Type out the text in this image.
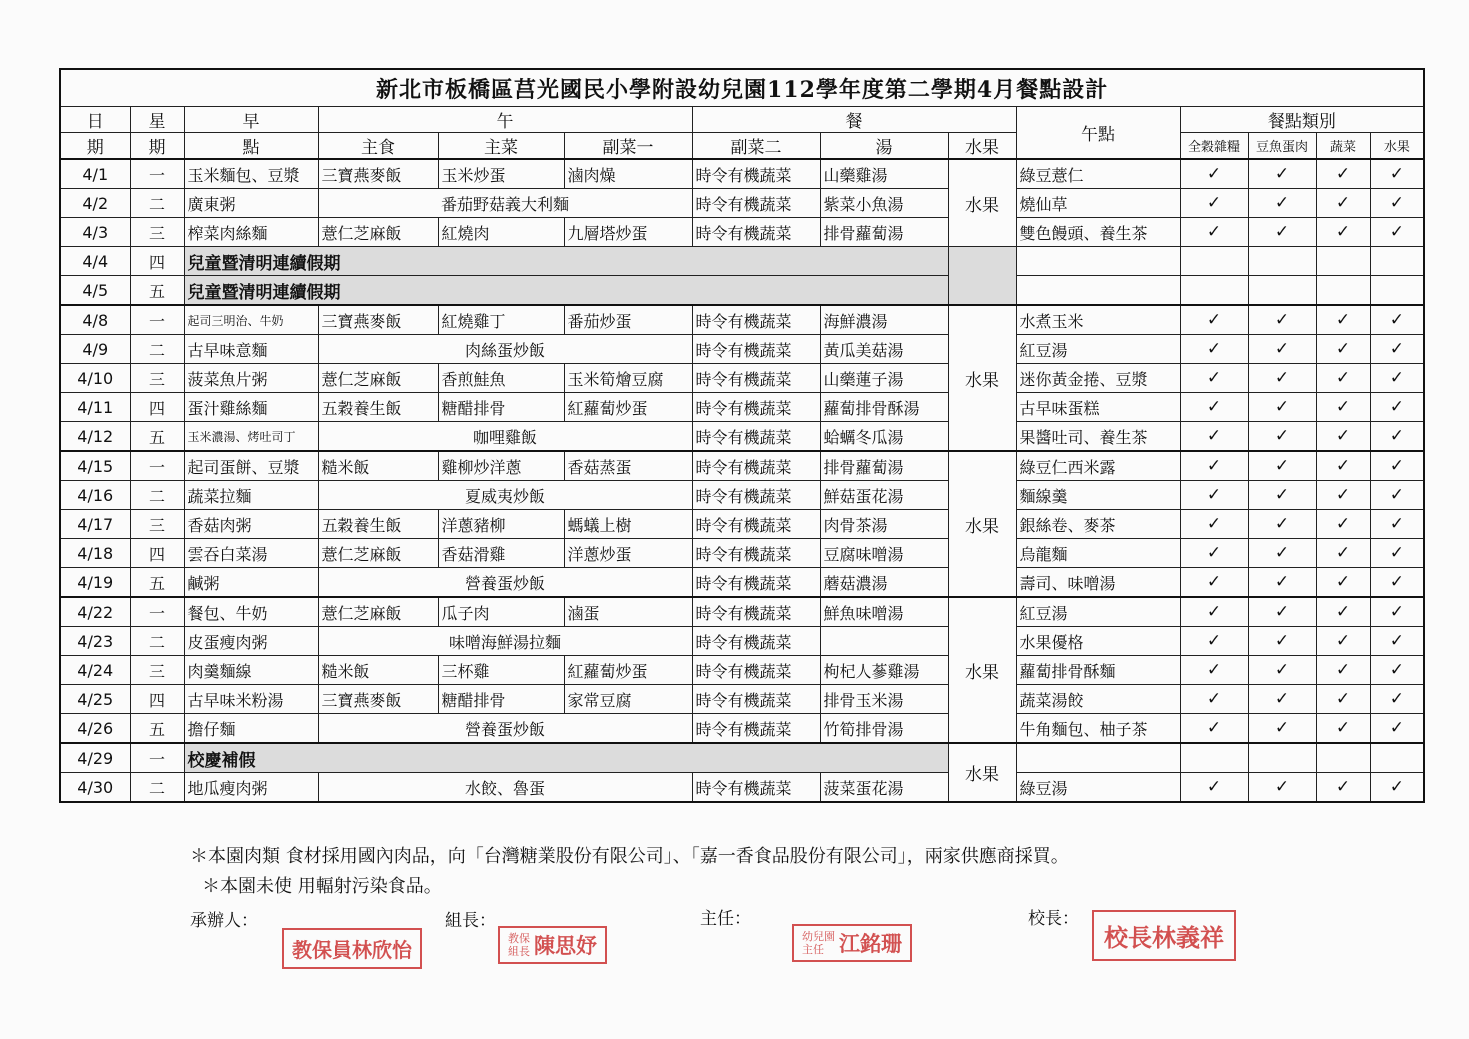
新北市板橋區莒光國民小學附設幼兒園112學年度第二學期4月餐點設計													
日	星	早	午			餐			午點	餐點類別			
期	期	點	主食	主菜	副菜一	副菜二	湯	水果		全穀雜糧	豆魚蛋肉	蔬菜	水果
4/1	一	玉米麵包、豆漿	三寶燕麥飯	玉米炒蛋	滷肉燥	時令有機蔬菜	山藥雞湯	水果	綠豆薏仁	✓	✓	✓	✓
4/2	二	廣東粥	番茄野菇義大利麵			時令有機蔬菜	紫菜小魚湯		燒仙草	✓	✓	✓	✓
4/3	三	榨菜肉絲麵	薏仁芝麻飯	紅燒肉	九層塔炒蛋	時令有機蔬菜	排骨蘿蔔湯		雙色饅頭、養生茶	✓	✓	✓	✓
4/4	四	兒童暨清明連續假期											
4/5	五	兒童暨清明連續假期											
4/8	一	起司三明治、牛奶	三寶燕麥飯	紅燒雞丁	番茄炒蛋	時令有機蔬菜	海鮮濃湯	水果	水煮玉米	✓	✓	✓	✓
4/9	二	古早味意麵	肉絲蛋炒飯			時令有機蔬菜	黃瓜美菇湯		紅豆湯	✓	✓	✓	✓
4/10	三	菠菜魚片粥	薏仁芝麻飯	香煎鮭魚	玉米筍燴豆腐	時令有機蔬菜	山藥蓮子湯		迷你黃金捲、豆漿	✓	✓	✓	✓
4/11	四	蛋汁雞絲麵	五穀養生飯	糖醋排骨	紅蘿蔔炒蛋	時令有機蔬菜	蘿蔔排骨酥湯		古早味蛋糕	✓	✓	✓	✓
4/12	五	玉米濃湯、烤吐司丁	咖哩雞飯			時令有機蔬菜	蛤蠣冬瓜湯		果醬吐司、養生茶	✓	✓	✓	✓
4/15	一	起司蛋餅、豆漿	糙米飯	雞柳炒洋蔥	香菇蒸蛋	時令有機蔬菜	排骨蘿蔔湯	水果	綠豆仁西米露	✓	✓	✓	✓
4/16	二	蔬菜拉麵	夏威夷炒飯			時令有機蔬菜	鮮菇蛋花湯		麵線羹	✓	✓	✓	✓
4/17	三	香菇肉粥	五穀養生飯	洋蔥豬柳	螞蟻上樹	時令有機蔬菜	肉骨茶湯		銀絲卷、麥茶	✓	✓	✓	✓
4/18	四	雲吞白菜湯	薏仁芝麻飯	香菇滑雞	洋蔥炒蛋	時令有機蔬菜	豆腐味噌湯		烏龍麵	✓	✓	✓	✓
4/19	五	鹹粥	營養蛋炒飯			時令有機蔬菜	蘑菇濃湯		壽司、味噌湯	✓	✓	✓	✓
4/22	一	餐包、牛奶	薏仁芝麻飯	瓜子肉	滷蛋	時令有機蔬菜	鮮魚味噌湯	水果	紅豆湯	✓	✓	✓	✓
4/23	二	皮蛋瘦肉粥	味噌海鮮湯拉麵			時令有機蔬菜			水果優格	✓	✓	✓	✓
4/24	三	肉羹麵線	糙米飯	三杯雞	紅蘿蔔炒蛋	時令有機蔬菜	枸杞人蔘雞湯		蘿蔔排骨酥麵	✓	✓	✓	✓
4/25	四	古早味米粉湯	三寶燕麥飯	糖醋排骨	家常豆腐	時令有機蔬菜	排骨玉米湯		蔬菜湯餃	✓	✓	✓	✓
4/26	五	擔仔麵	營養蛋炒飯			時令有機蔬菜	竹筍排骨湯		牛角麵包、柚子茶	✓	✓	✓	✓
4/29	一	校慶補假						水果					
4/30	二	地瓜瘦肉粥	水餃、魯蛋			時令有機蔬菜	菠菜蛋花湯		綠豆湯	✓	✓	✓	✓
＊本園肉類 食材採用國內肉品，向「台灣糖業股份有限公司」、「嘉一香食品股份有限公司」，兩家供應商採買。
＊本園未使 用輻射污染食品。
承辦人：	組長：	主任：	校長：
教保員林欣怡	教保
組長 陳思妤	幼兒園
主任 江銘珊	校長林義祥
